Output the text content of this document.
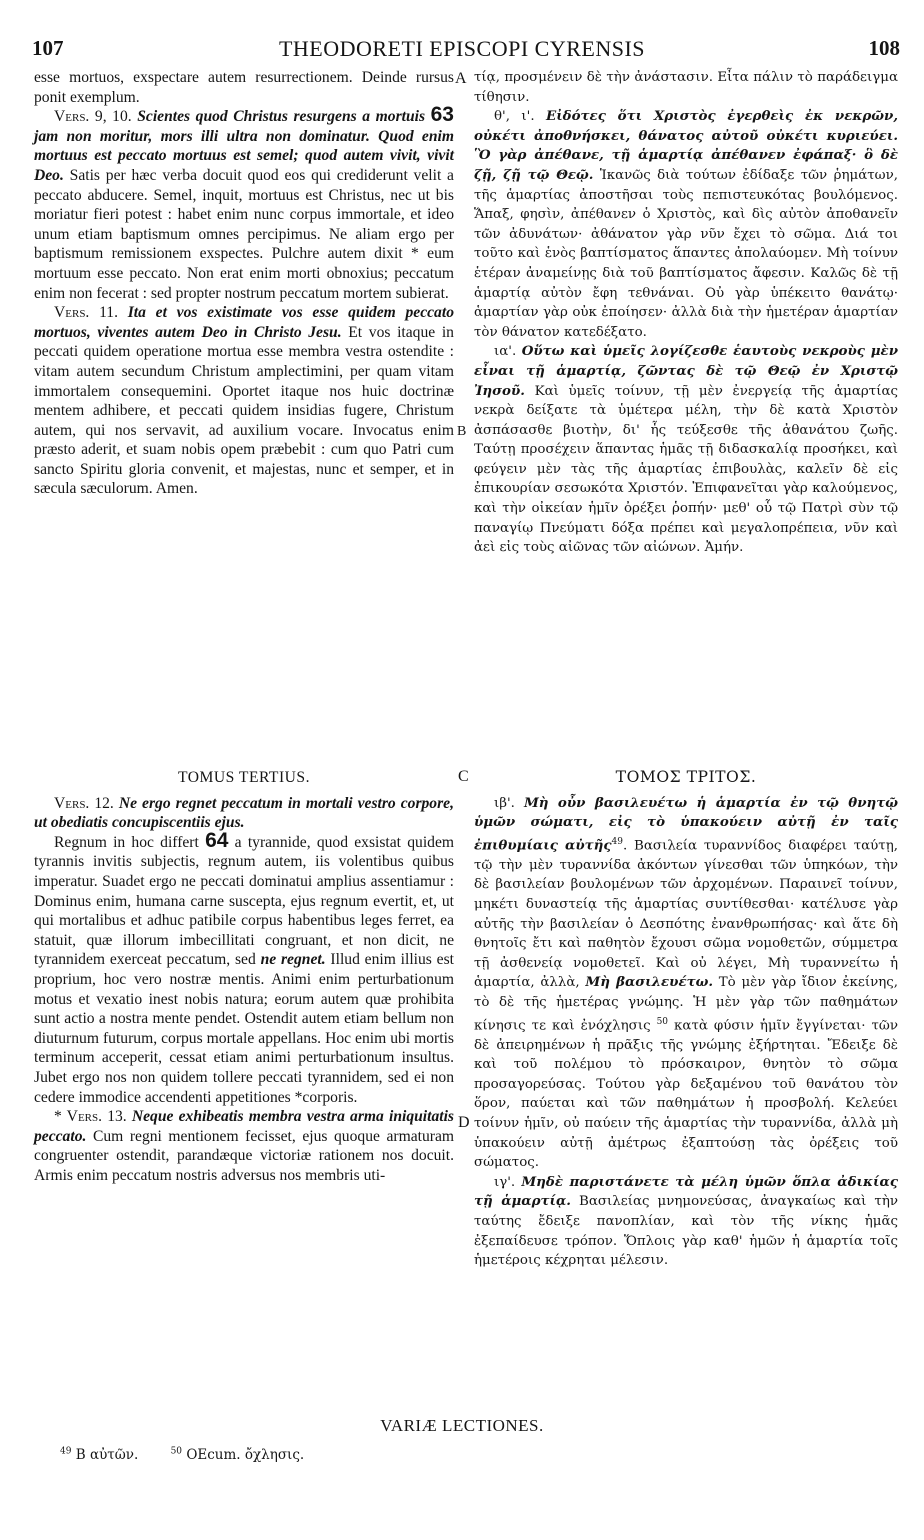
107	THEODORETI EPISCOPI CYRENSIS	108
A
B
C
D

esse mortuos, exspectare autem resurrectionem. Deinde rursus ponit exemplum.

Vers. 9, 10. Scientes quod Christus resurgens a mortuis 63 jam non moritur, mors illi ultra non dominatur. Quod enim mortuus est peccato mortuus est semel; quod autem vivit, vivit Deo. Satis per hæc verba docuit quod eos qui crediderunt velit a peccato abducere. Semel, inquit, mortuus est Christus, nec ut bis moriatur fieri potest : habet enim nunc corpus immortale, et ideo unum etiam baptismum omnes percipimus. Ne aliam ergo per baptismum remissionem exspectes. Pulchre autem dixit * eum mortuum esse peccato. Non erat enim morti obnoxius; peccatum enim non fecerat : sed propter nostrum peccatum mortem subierat.

Vers. 11. Ita et vos existimate vos esse quidem peccato mortuos, viventes autem Deo in Christo Jesu. Et vos itaque in peccati quidem operatione mortua esse membra vestra ostendite : vitam autem secundum Christum amplectimini, per quam vitam immortalem consequemini. Oportet itaque nos huic doctrinæ mentem adhibere, et peccati quidem insidias fugere, Christum autem, qui nos servavit, ad auxilium vocare. Invocatus enim præsto aderit, et suam nobis opem præbebit : cum quo Patri cum sancto Spiritu gloria convenit, et majestas, nunc et semper, et in sæcula sæculorum. Amen.

τίᾳ, προσμένειν δὲ τὴν ἀνάστασιν. Εἶτα πάλιν τὸ παράδειγμα τίθησιν.

θ', ι'. Εἰδότες ὅτι Χριστὸς ἐγερθεὶς ἐκ νεκρῶν, οὐκέτι ἀποθνήσκει, θάνατος αὐτοῦ οὐκέτι κυριεύει. Ὃ γὰρ ἀπέθανε, τῇ ἁμαρτίᾳ ἀπέθανεν ἐφάπαξ· ὃ δὲ ζῇ, ζῇ τῷ Θεῷ. Ἱκανῶς διὰ τούτων ἐδίδαξε τῶν ῥημάτων, τῆς ἁμαρτίας ἀποστῆσαι τοὺς πεπιστευκότας βουλόμενος. Ἅπαξ, φησὶν, ἀπέθανεν ὁ Χριστὸς, καὶ δὶς αὐτὸν ἀποθανεῖν τῶν ἀδυνάτων· ἀθάνατον γὰρ νῦν ἔχει τὸ σῶμα. Διά τοι τοῦτο καὶ ἑνὸς βαπτίσματος ἅπαντες ἀπολαύομεν. Μὴ τοίνυν ἑτέραν ἀναμείνῃς διὰ τοῦ βαπτίσματος ἄφεσιν. Καλῶς δὲ τῇ ἁμαρτίᾳ αὐτὸν ἔφη τεθνάναι. Οὐ γὰρ ὑπέκειτο θανάτῳ· ἁμαρτίαν γὰρ οὐκ ἐποίησεν· ἀλλὰ διὰ τὴν ἡμετέραν ἁμαρτίαν τὸν θάνατον κατεδέξατο.

ια'. Οὕτω καὶ ὑμεῖς λογίζεσθε ἑαυτοὺς νεκροὺς μὲν εἶναι τῇ ἁμαρτίᾳ, ζῶντας δὲ τῷ Θεῷ ἐν Χριστῷ Ἰησοῦ. Καὶ ὑμεῖς τοίνυν, τῇ μὲν ἐνεργείᾳ τῆς ἁμαρτίας νεκρὰ δείξατε τὰ ὑμέτερα μέλη, τὴν δὲ κατὰ Χριστὸν ἀσπάσασθε βιοτὴν, δι' ἧς τεύξεσθε τῆς ἀθανάτου ζωῆς. Ταύτῃ προσέχειν ἅπαντας ἡμᾶς τῇ διδασκαλίᾳ προσήκει, καὶ φεύγειν μὲν τὰς τῆς ἁμαρτίας ἐπιβουλὰς, καλεῖν δὲ εἰς ἐπικουρίαν σεσωκότα Χριστόν. Ἐπιφανεῖται γὰρ καλούμενος, καὶ τὴν οἰκείαν ἡμῖν ὀρέξει ῥοπήν· μεθ' οὗ τῷ Πατρὶ σὺν τῷ παναγίῳ Πνεύματι δόξα πρέπει καὶ μεγαλοπρέπεια, νῦν καὶ ἀεὶ εἰς τοὺς αἰῶνας τῶν αἰώνων. Ἀμήν.

TOMUS TERTIUS.

Vers. 12. Ne ergo regnet peccatum in mortali vestro corpore, ut obediatis concupiscentiis ejus.

Regnum in hoc differt 64 a tyrannide, quod exsistat quidem tyrannis invitis subjectis, regnum autem, iis volentibus quibus imperatur. Suadet ergo ne peccati dominatui amplius assentiamur : Dominus enim, humana carne suscepta, ejus regnum evertit, et, ut qui mortalibus et adhuc patibile corpus habentibus leges ferret, ea statuit, quæ illorum imbecillitati congruant, et non dicit, ne tyrannidem exerceat peccatum, sed ne regnet. Illud enim illius est proprium, hoc vero nostræ mentis. Animi enim perturbationum motus et vexatio inest nobis natura; eorum autem quæ prohibita sunt actio a nostra mente pendet. Ostendit autem etiam bellum non diuturnum futurum, corpus mortale appellans. Hoc enim ubi mortis terminum acceperit, cessat etiam animi perturbationum insultus. Jubet ergo nos non quidem tollere peccati tyrannidem, sed ei non cedere immodice accendenti appetitiones *corporis.

* Vers. 13. Neque exhibeatis membra vestra arma iniquitatis peccato. Cum regni mentionem fecisset, ejus quoque armaturam congruenter ostendit, parandæque victoriæ rationem nos docuit. Armis enim peccatum nostris adversus nos membris uti-

ΤΟΜΟΣ ΤΡΙΤΟΣ.

ιβ'. Μὴ οὖν βασιλευέτω ἡ ἁμαρτία ἐν τῷ θνητῷ ὑμῶν σώματι, εἰς τὸ ὑπακούειν αὐτῇ ἐν ταῖς ἐπιθυμίαις αὐτῆς$^{49}$. Βασιλεία τυραννίδος διαφέρει ταύτῃ, τῷ τὴν μὲν τυραννίδα ἀκόντων γίνεσθαι τῶν ὑπηκόων, τὴν δὲ βασιλείαν βουλομένων τῶν ἀρχομένων. Παραινεῖ τοίνυν, μηκέτι δυναστείᾳ τῆς ἁμαρτίας συντίθεσθαι· κατέλυσε γὰρ αὐτῆς τὴν βασιλείαν ὁ Δεσπότης ἐνανθρωπήσας· καὶ ἅτε δὴ θνητοῖς ἔτι καὶ παθητὸν ἔχουσι σῶμα νομοθετῶν, σύμμετρα τῇ ἀσθενείᾳ νομοθετεῖ. Καὶ οὐ λέγει, Μὴ τυραννείτω ἡ ἁμαρτία, ἀλλὰ, Μὴ βασιλευέτω. Τὸ μὲν γὰρ ἴδιον ἐκείνης, τὸ δὲ τῆς ἡμετέρας γνώμης. Ἡ μὲν γὰρ τῶν παθημάτων κίνησις τε καὶ ἐνόχλησις $^{50}$ κατὰ φύσιν ἡμῖν ἔγγίνεται· τῶν δὲ ἀπειρημένων ἡ πρᾶξις τῆς γνώμης ἐξήρτηται. Ἔδειξε δὲ καὶ τοῦ πολέμου τὸ πρόσκαιρον, θνητὸν τὸ σῶμα προσαγορεύσας. Τούτου γὰρ δεξαμένου τοῦ θανάτου τὸν ὅρον, παύεται καὶ τῶν παθημάτων ἡ προσβολή. Κελεύει τοίνυν ἡμῖν, οὐ παύειν τῆς ἁμαρτίας τὴν τυραννίδα, ἀλλὰ μὴ ὑπακούειν αὐτῇ ἀμέτρως ἐξαπτούσῃ τὰς ὀρέξεις τοῦ σώματος.

ιγ'. Μηδὲ παριστάνετε τὰ μέλη ὑμῶν ὅπλα ἀδικίας τῇ ἁμαρτίᾳ. Βασιλείας μνημονεύσας, ἀναγκαίως καὶ τὴν ταύτης ἔδειξε πανοπλίαν, καὶ τὸν τῆς νίκης ἡμᾶς ἐξεπαίδευσε τρόπον. Ὅπλοις γὰρ καθ' ἡμῶν ἡ ἁμαρτία τοῖς ἡμετέροις κέχρηται μέλεσιν.

VARIÆ LECTIONES.
$^{49}$ B αὐτῶν.	$^{50}$ OEcum. ὄχλησις.
